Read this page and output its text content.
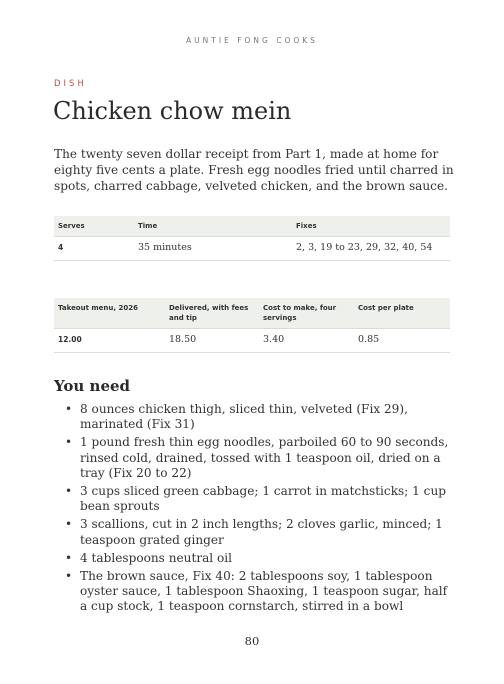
AUNTIE FONG COOKS
DISH
Chicken chow mein

The twenty seven dollar receipt from Part 1, made at home for eighty five cents a plate. Fresh egg noodles fried until charred in spots, charred cabbage, velveted chicken, and the brown sauce.

Serves	Time	Fixes
4	35 minutes	2, 3, 19 to 23, 29, 32, 40, 54
Takeout menu, 2026	Delivered, with fees and tip	Cost to make, four servings	Cost per plate
12.00	18.50	3.40	0.85
You need
• 8 ounces chicken thigh, sliced thin, velveted (Fix 29), marinated (Fix 31)
• 1 pound fresh thin egg noodles, parboiled 60 to 90 seconds, rinsed cold, drained, tossed with 1 teaspoon oil, dried on a tray (Fix 20 to 22)
• 3 cups sliced green cabbage; 1 carrot in matchsticks; 1 cup bean sprouts
• 3 scallions, cut in 2 inch lengths; 2 cloves garlic, minced; 1 teaspoon grated ginger
• 4 tablespoons neutral oil
• The brown sauce, Fix 40: 2 tablespoons soy, 1 tablespoon oyster sauce, 1 tablespoon Shaoxing, 1 teaspoon sugar, half a cup stock, 1 teaspoon cornstarch, stirred in a bowl
80
